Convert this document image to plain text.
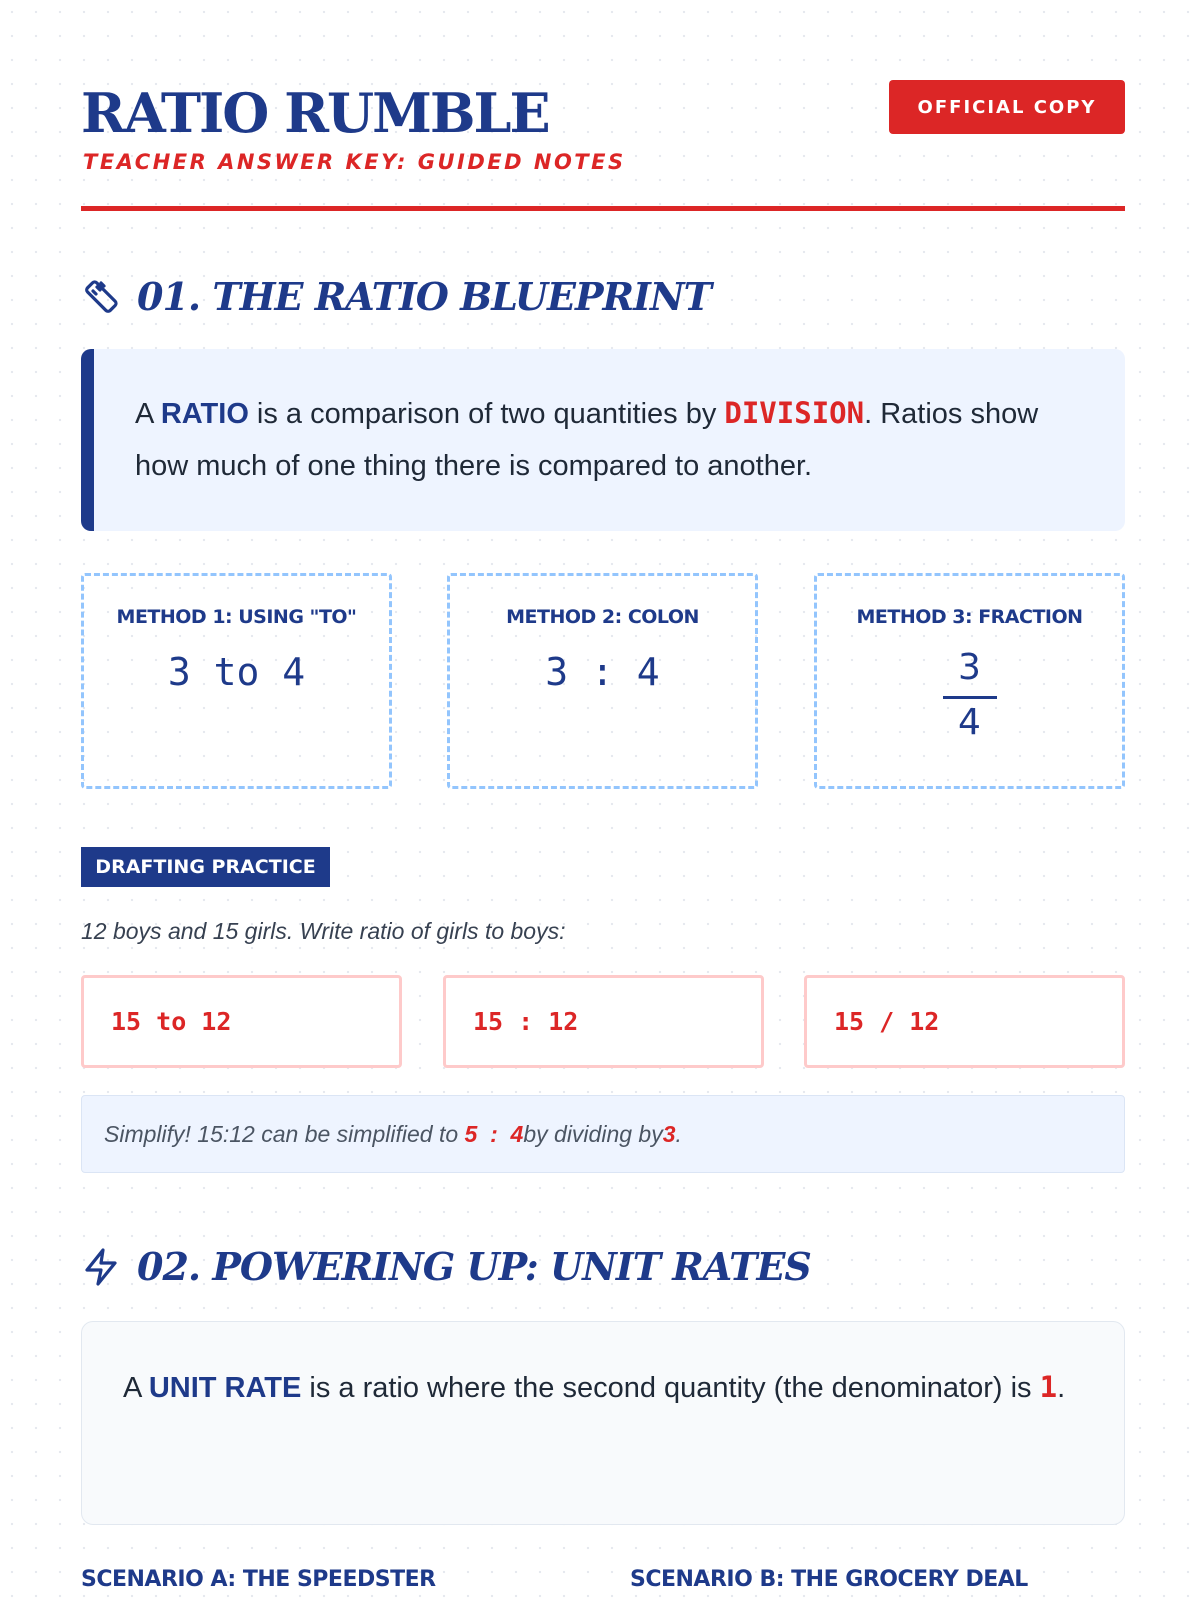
RATIO RUMBLE
TEACHER ANSWER KEY: GUIDED NOTES
OFFICIAL COPY
01. THE RATIO BLUEPRINT
A RATIO is a comparison of two quantities by DIVISION. Ratios show how much of one thing there is compared to another.
METHOD 1: USING "TO"
3 to 4
METHOD 2: COLON
3 : 4
METHOD 3: FRACTION
$\frac{3}{4}$
DRAFTING PRACTICE
12 boys and 15 girls. Write ratio of girls to boys:
15 to 12	15 : 12	15 / 12
Simplify! 15:12 can be simplified to
5
:
4 by dividing by 3 .
02. POWERING UP: UNIT RATES
A UNIT RATE is a ratio where the second quantity (the denominator) is 1.
SCENARIO A: THE SPEEDSTER	SCENARIO B: THE GROCERY DEAL
